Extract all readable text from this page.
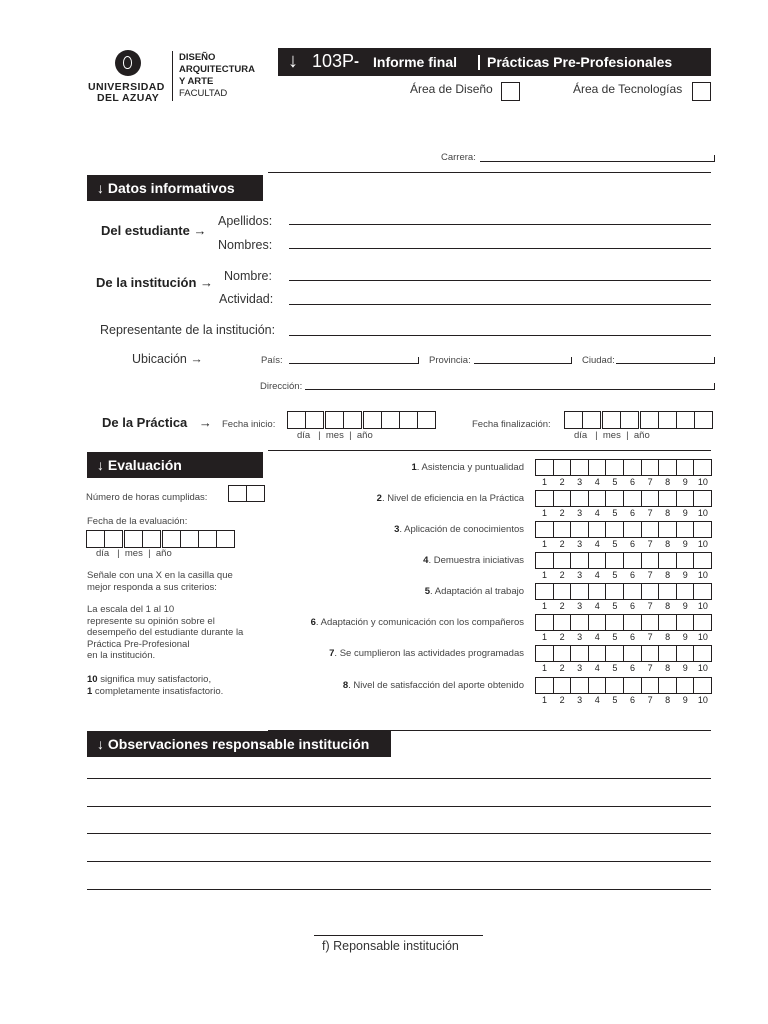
UNIVERSIDAD
DEL AZUAY
DISEÑO
ARQUITECTURA
Y ARTE
FACULTAD
↓ 103P - Informe final Prácticas Pre-Profesionales
Área de Diseño	Área de Tecnologías
Carrera:
↓ Datos informativos
Del estudiante →
Apellidos:
Nombres:
De la institución → Nombre:
Actividad:
Representante de la institución:
Ubicación →	País:	Provincia:	Ciudad:
Dirección:
De la Práctica → Fecha inicio:
día   |  mes  |  año
Fecha finalización:
día   |  mes  |  año
↓ Evaluación
Número de horas cumplidas:
Fecha de la evaluación:
día   |  mes  |  año
Señale con una X en la casilla que
mejor responda a sus criterios:
La escala del 1 al 10
represente su opinión sobre el
desempeño del estudiante durante la
Práctica Pre-Profesional
en la institución.
10 significa muy satisfactorio,
1 completamente insatisfactorio.
1. Asistencia y puntualidad
1	2	3	4	5	6	7	8	9	10
2. Nivel de eficiencia en la Práctica
1	2	3	4	5	6	7	8	9	10
3. Aplicación de conocimientos
1	2	3	4	5	6	7	8	9	10
4. Demuestra iniciativas
1	2	3	4	5	6	7	8	9	10
5. Adaptación al trabajo
1	2	3	4	5	6	7	8	9	10
6. Adaptación y comunicación con los compañeros
1	2	3	4	5	6	7	8	9	10
7. Se cumplieron las actividades programadas
1	2	3	4	5	6	7	8	9	10
8. Nivel de satisfacción del aporte obtenido
1	2	3	4	5	6	7	8	9	10
↓ Observaciones responsable institución
f) Reponsable institución
